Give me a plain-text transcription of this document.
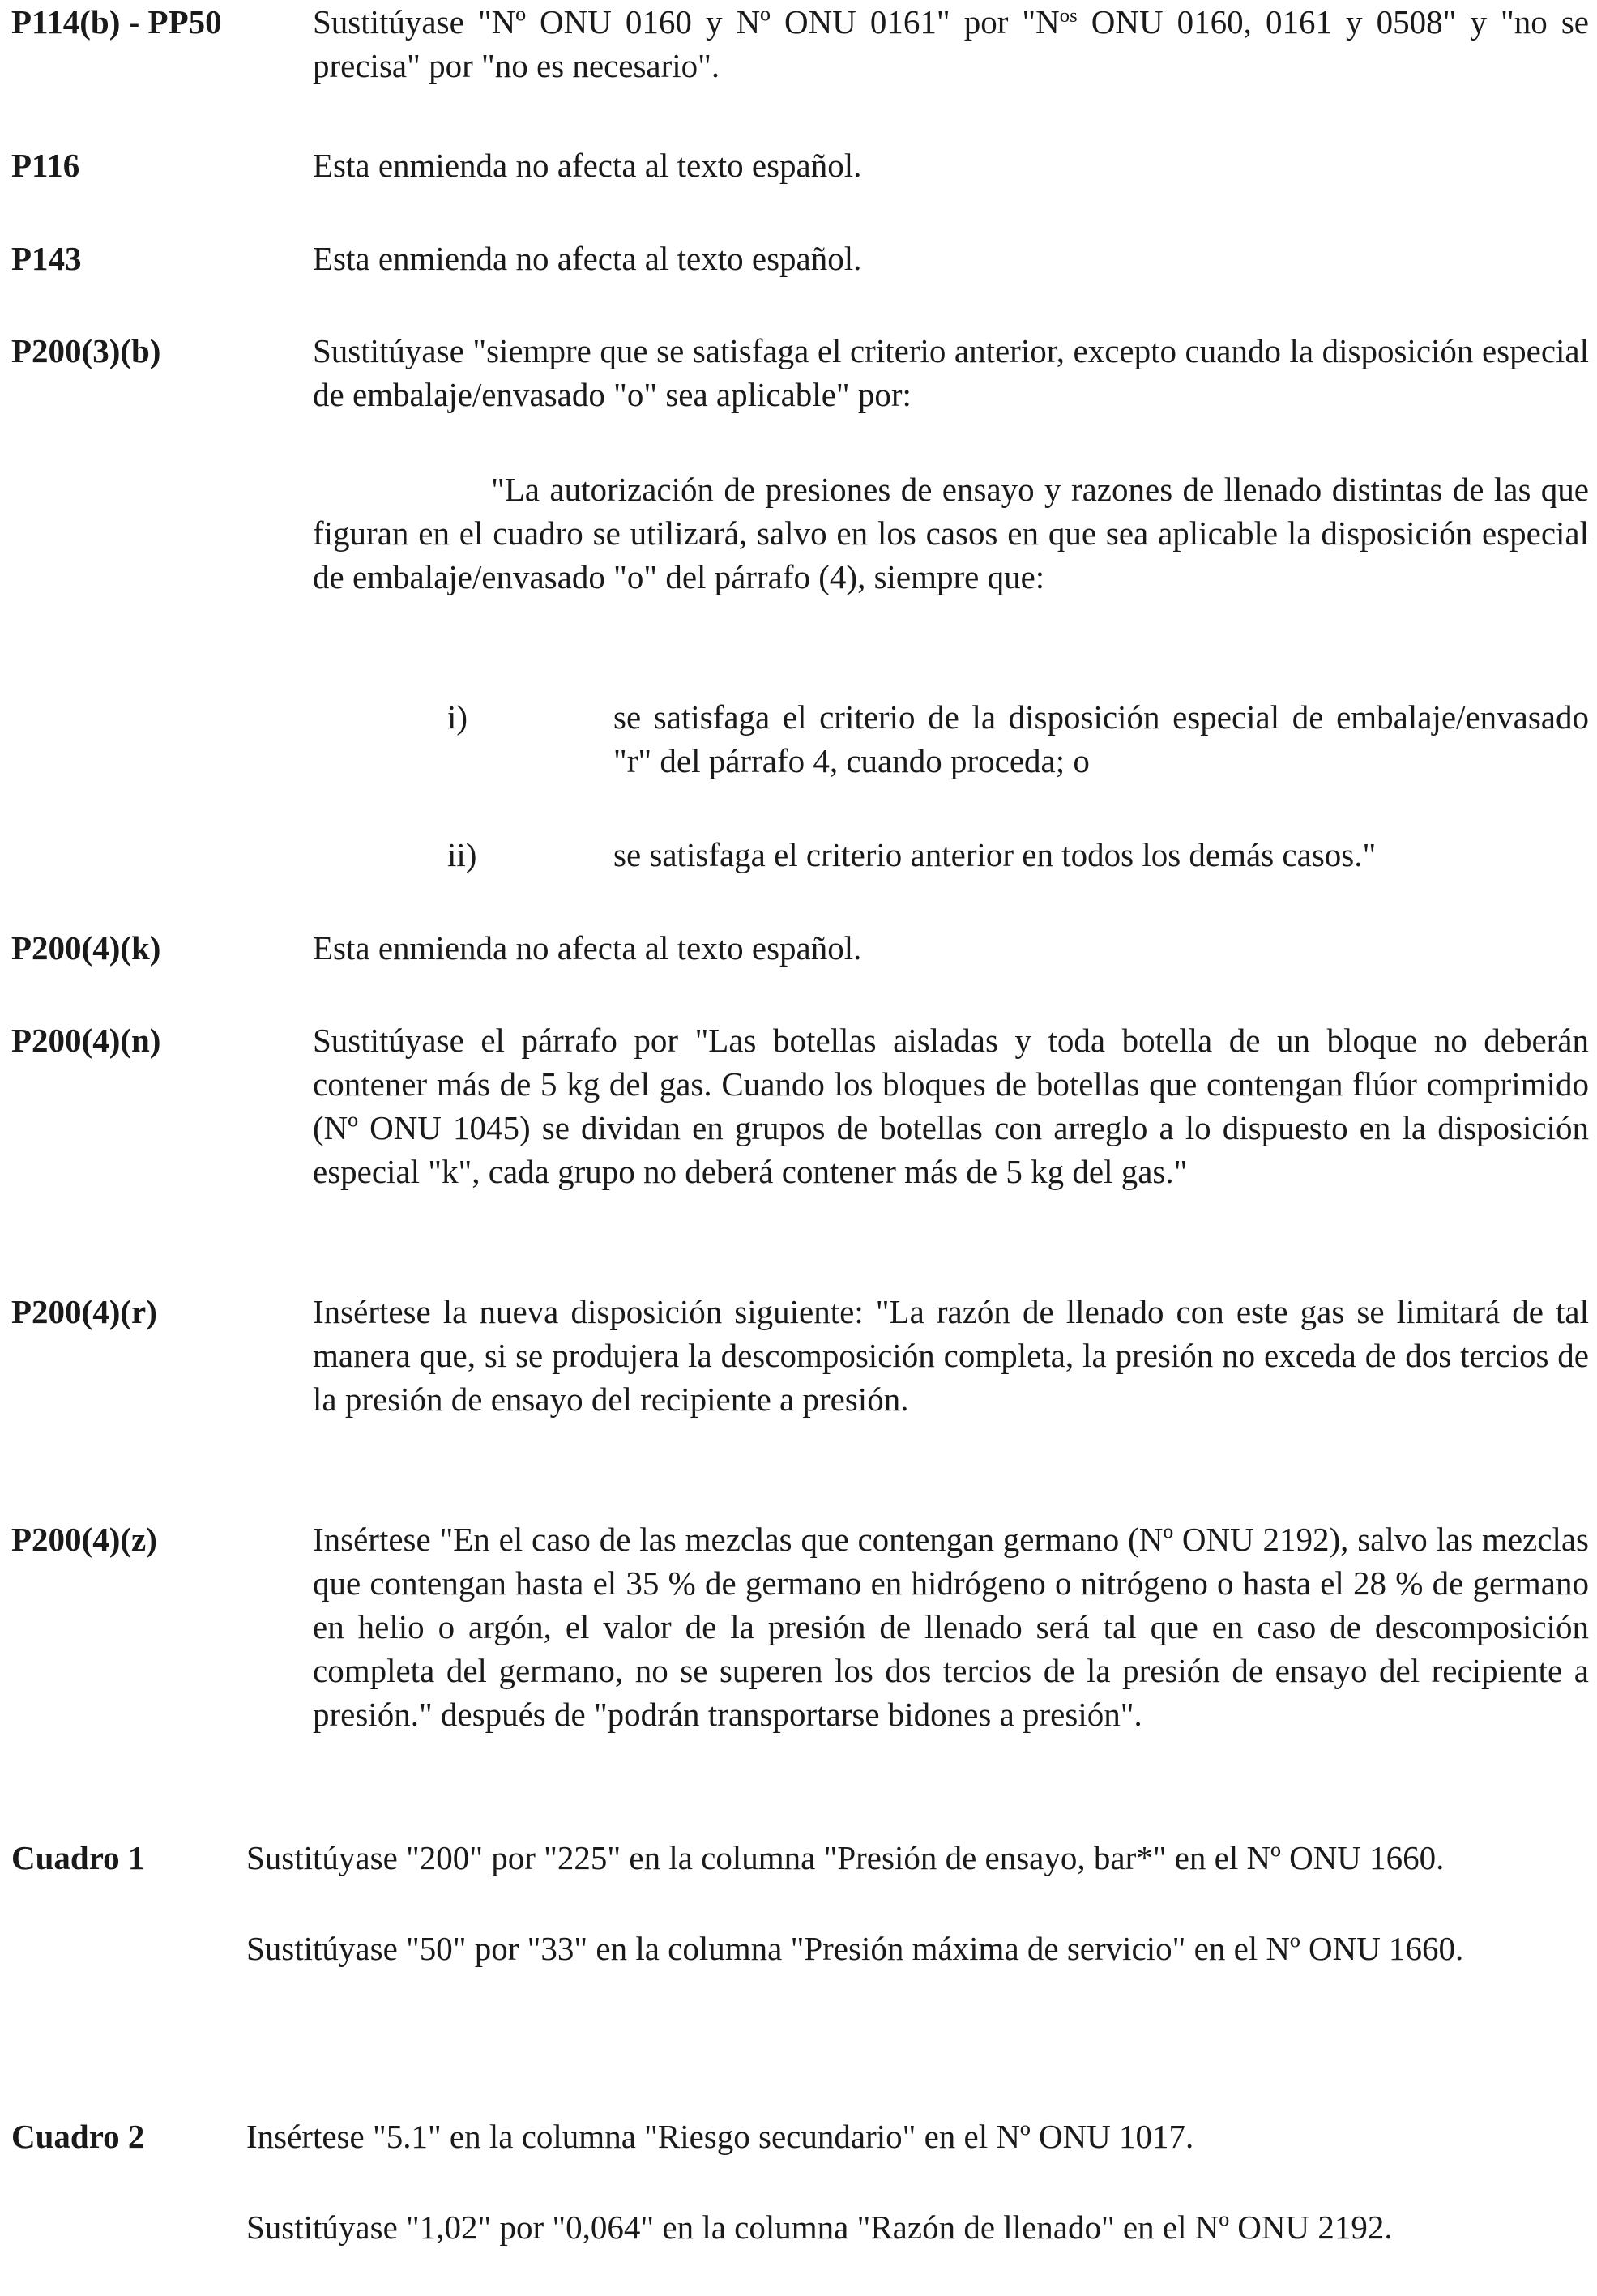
P114(b) - PP50	Sustitúyase "Nº ONU 0160 y Nº ONU 0161" por "$N^{os}$ ONU 0160, 0161 y 0508" y "no se precisa" por "no es necesario".
P116	Esta enmienda no afecta al texto español.
P143	Esta enmienda no afecta al texto español.
P200(3)(b)	Sustitúyase "siempre que se satisfaga el criterio anterior, excepto cuando la disposición especial de embalaje/envasado "o" sea aplicable" por:
"La autorización de presiones de ensayo y razones de llenado distintas de las que figuran en el cuadro se utilizará, salvo en los casos en que sea aplicable la disposición especial de embalaje/envasado "o" del párrafo (4), siempre que:
i)	se satisfaga el criterio de la disposición especial de embalaje/envasado "r" del párrafo 4, cuando proceda; o
ii)	se satisfaga el criterio anterior en todos los demás casos."
P200(4)(k)	Esta enmienda no afecta al texto español.
P200(4)(n)	Sustitúyase el párrafo por "Las botellas aisladas y toda botella de un bloque no deberán contener más de 5 kg del gas. Cuando los bloques de botellas que contengan flúor comprimido (Nº ONU 1045) se dividan en grupos de botellas con arreglo a lo dispuesto en la disposición especial "k", cada grupo no deberá contener más de 5 kg del gas."
P200(4)(r)	Insértese la nueva disposición siguiente: "La razón de llenado con este gas se limitará de tal manera que, si se produjera la descomposición completa, la presión no exceda de dos tercios de la presión de ensayo del recipiente a presión.
P200(4)(z)	Insértese "En el caso de las mezclas que contengan germano (Nº ONU 2192), salvo las mezclas que contengan hasta el 35 % de germano en hidrógeno o nitrógeno o hasta el 28 % de germano en helio o argón, el valor de la presión de llenado será tal que en caso de descomposición completa del germano, no se superen los dos tercios de la presión de ensayo del recipiente a presión." después de "podrán transportarse bidones a presión".
Cuadro 1	Sustitúyase "200" por "225" en la columna "Presión de ensayo, bar*" en el Nº ONU 1660.

Sustitúyase "50" por "33" en la columna "Presión máxima de servicio" en el Nº ONU 1660.

Cuadro 2	Insértese "5.1" en la columna "Riesgo secundario" en el Nº ONU 1017.

Sustitúyase "1,02" por "0,064" en la columna "Razón de llenado" en el Nº ONU 2192.
